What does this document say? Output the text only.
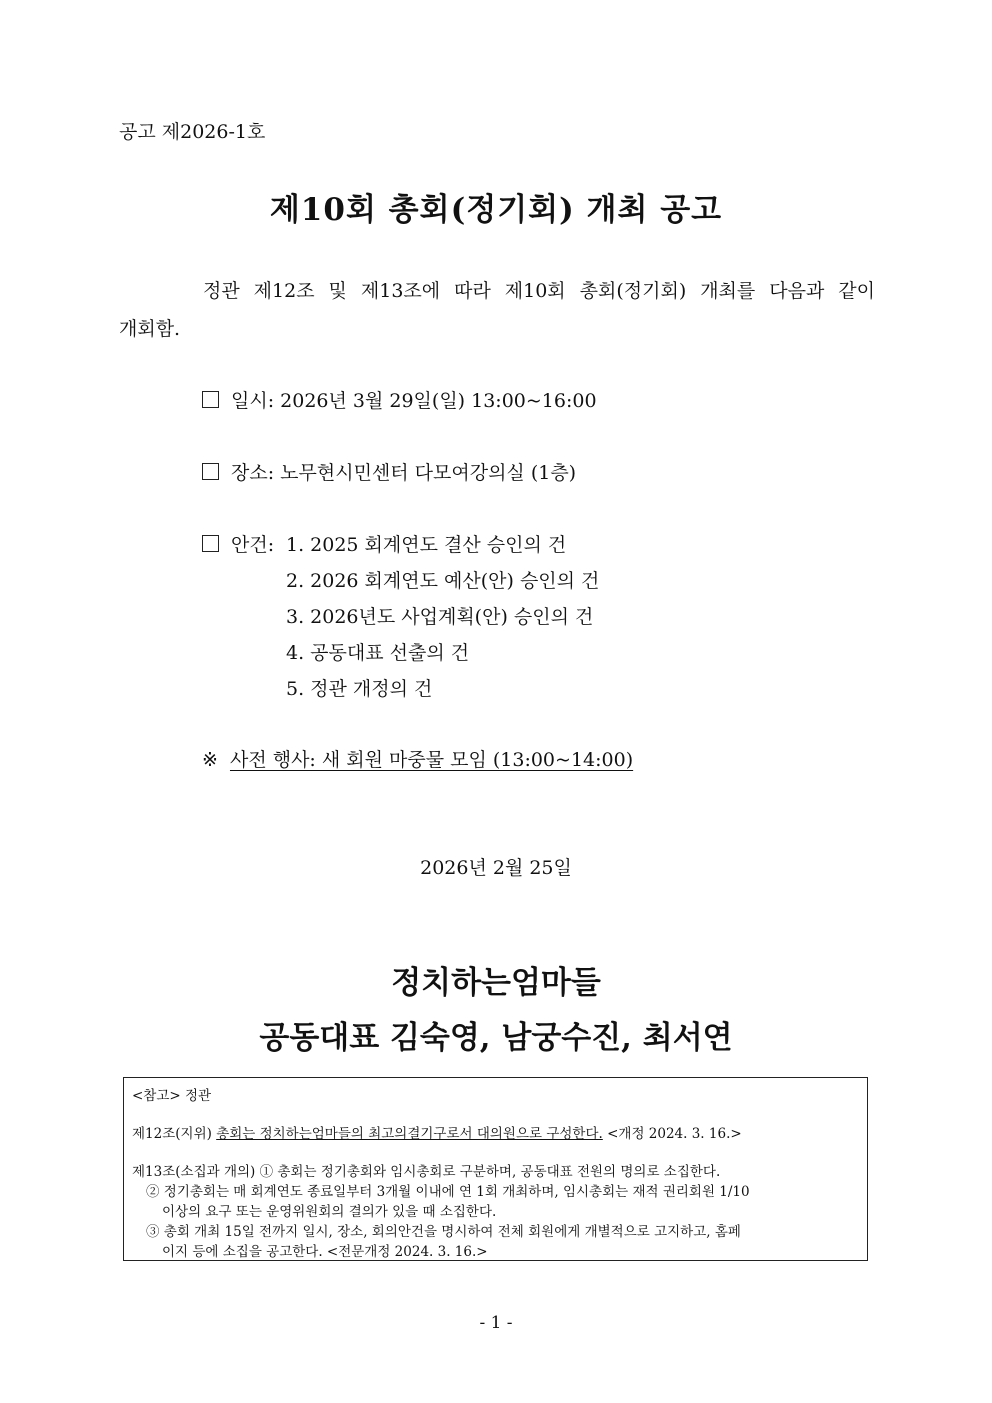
공고 제2026-1호
제10회 총회(정기회) 개최 공고
정관 제12조 및 제13조에 따라 제10회 총회(정기회) 개최를 다음과 같이
개회함.
일시: 2026년 3월 29일(일) 13:00~16:00
장소: 노무현시민센터 다모여강의실 (1층)
안건: 1. 2025 회계연도 결산 승인의 건
2. 2026 회계연도 예산(안) 승인의 건
3. 2026년도 사업계획(안) 승인의 건
4. 공동대표 선출의 건
5. 정관 개정의 건
※ 사전 행사: 새 회원 마중물 모임 (13:00~14:00)
2026년 2월 25일
정치하는엄마들
공동대표 김숙영, 남궁수진, 최서연
<참고> 정관
제12조(지위) 총회는 정치하는엄마들의 최고의결기구로서 대의원으로 구성한다. <개정 2024. 3. 16.>
제13조(소집과 개의) ① 총회는 정기총회와 임시총회로 구분하며, 공동대표 전원의 명의로 소집한다.
② 정기총회는 매 회계연도 종료일부터 3개월 이내에 연 1회 개최하며, 임시총회는 재적 권리회원 1/10
이상의 요구 또는 운영위원회의 결의가 있을 때 소집한다.
③ 총회 개최 15일 전까지 일시, 장소, 회의안건을 명시하여 전체 회원에게 개별적으로 고지하고, 홈페
이지 등에 소집을 공고한다. <전문개정 2024. 3. 16.>
- 1 -
